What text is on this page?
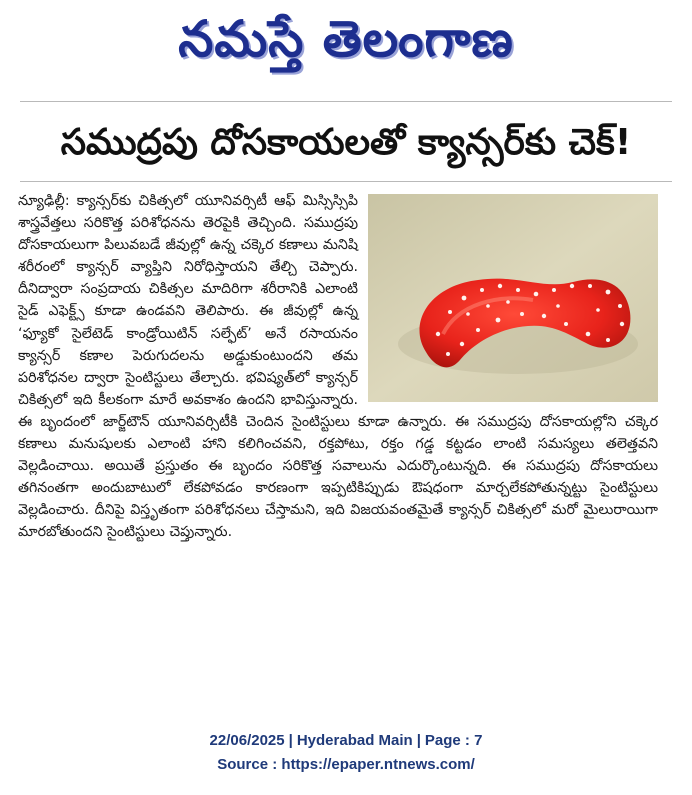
నమస్తే తెలంగాణ
సముద్రపు దోసకాయలతో క్యాన్సర్‌కు చెక్!
న్యూఢిల్లీ: క్యాన్సర్‌కు చికిత్సలో యూనివర్సిటీ ఆఫ్ మిస్సిస్సిపి శాస్త్రవేత్తలు సరికొత్త పరిశోధనను తెరపైకి తెచ్చింది. సముద్రపు దోసకాయలుగా పిలువబడే జీవుల్లో ఉన్న చక్కెర కణాలు మనిషి శరీరంలో క్యాన్సర్ వ్యాప్తిని నిరోధిస్తాయని తేల్చి చెప్పారు. దీనిద్వారా సంప్రదాయ చికిత్సల మాదిరిగా శరీరానికి ఎలాంటి సైడ్ ఎఫెక్ట్స్ కూడా ఉండవని తెలిపారు. ఈ జీవుల్లో ఉన్న ‘ఫ్యూకో సైలేటెడ్ కాండ్రోయిటిన్ సల్ఫేట్’ అనే రసాయనం క్యాన్సర్ కణాల పెరుగుదలను అడ్డుకుంటుందని తమ పరిశోధనల ద్వారా సైంటిస్టులు తేల్చారు. భవిష్యత్‌లో క్యాన్సర్ చికిత్సలో ఇది కీలకంగా మారే అవకాశం ఉందని భావిస్తున్నారు. ఈ బృందంలో జార్జ్‌టౌన్ యూనివర్సిటీకి చెందిన సైంటిస్టులు కూడా ఉన్నారు. ఈ సముద్రపు దోసకాయల్లోని చక్కెర కణాలు మనుషులకు ఎలాంటి హాని కలిగించవని, రక్తపోటు, రక్తం గడ్డ కట్టడం లాంటి సమస్యలు తలెత్తవని వెల్లడించాయి. అయితే ప్రస్తుతం ఈ బృందం సరికొత్త సవాలును ఎదుర్కొంటున్నది. ఈ సముద్రపు దోసకాయలు తగినంతగా అందుబాటులో లేకపోవడం కారణంగా ఇప్పటికిప్పుడు ఔషధంగా మార్చలేకపోతున్నట్టు సైంటిస్టులు వెల్లడించారు. దీనిపై విస్తృతంగా పరిశోధనలు చేస్తామని, ఇది విజయవంతమైతే క్యాన్సర్ చికిత్సలో మరో మైలురాయిగా మారబోతుందని సైంటిస్టులు చెప్తున్నారు.
22/06/2025 | Hyderabad Main | Page : 7
Source : https://epaper.ntnews.com/
